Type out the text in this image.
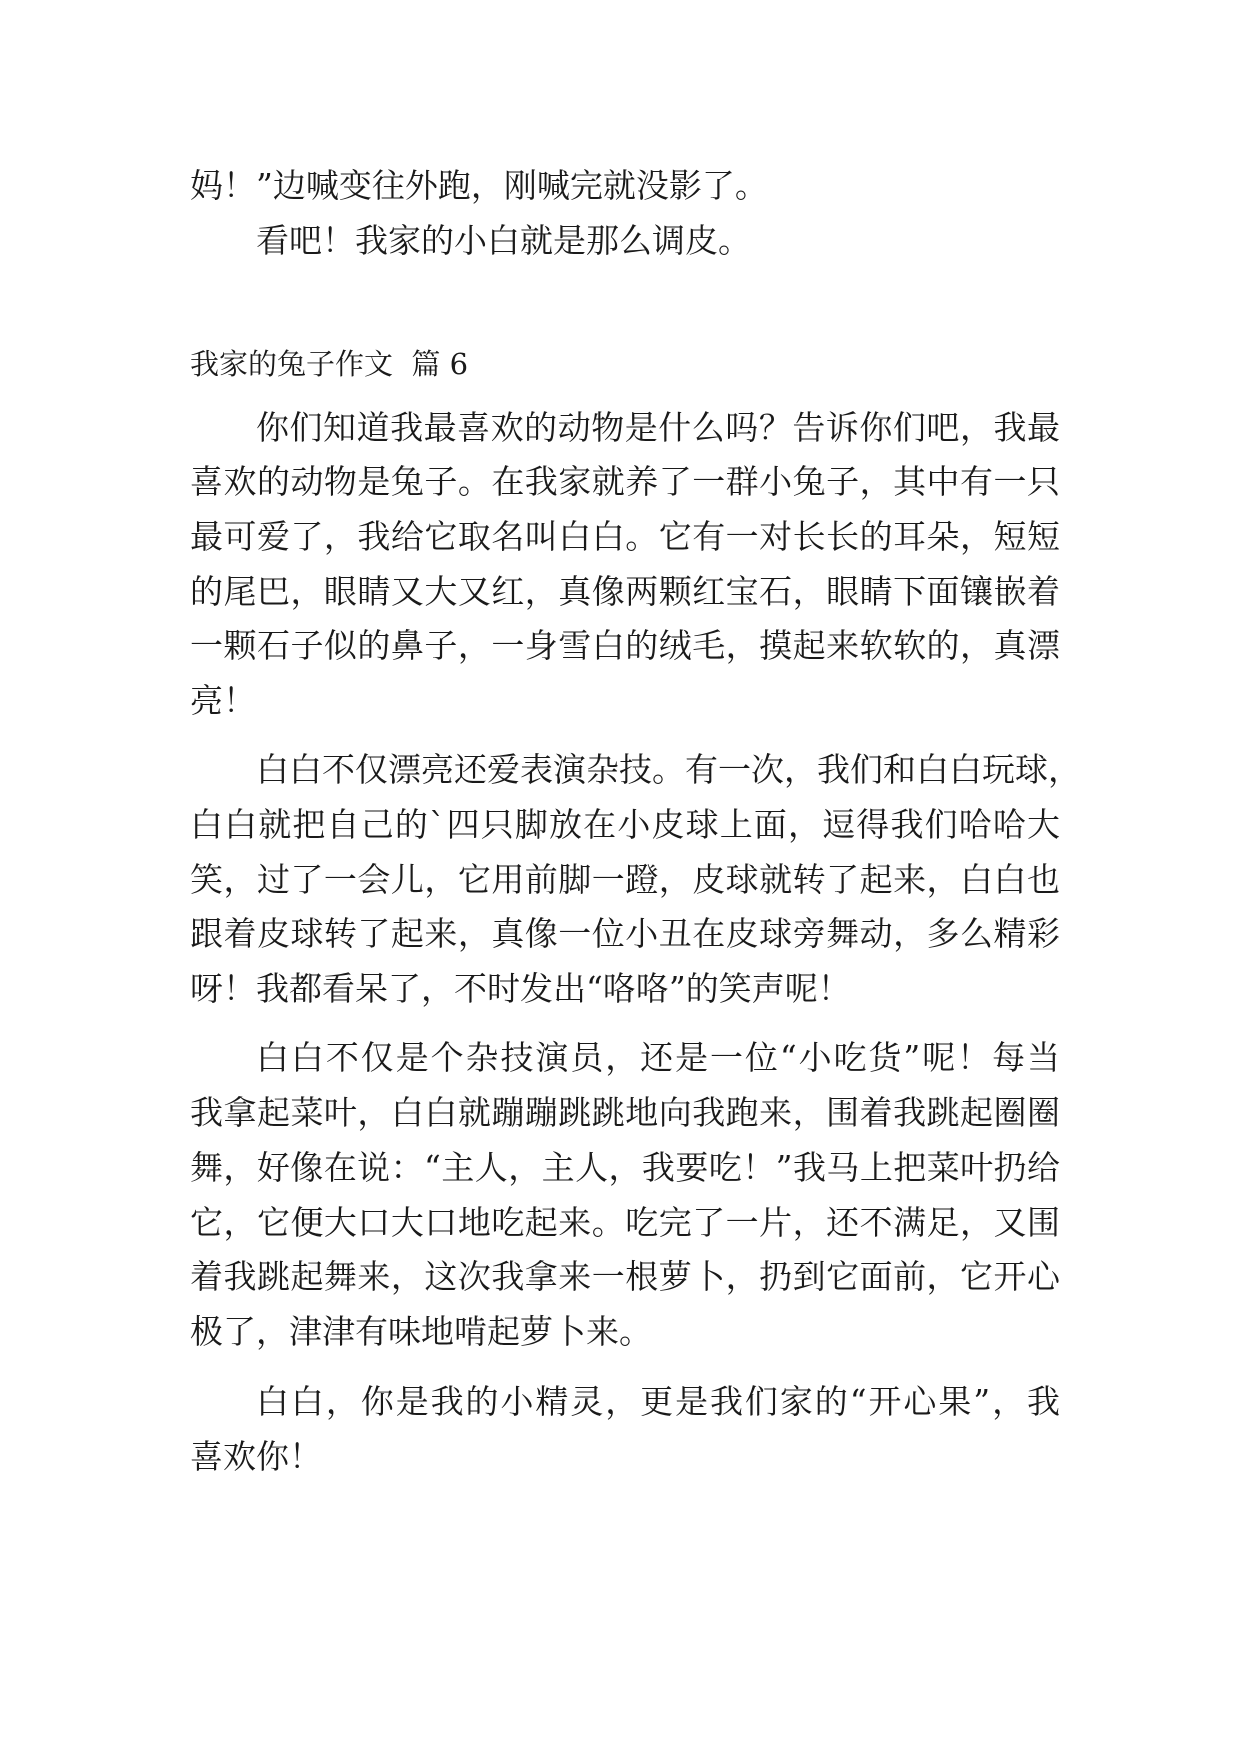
妈！”边喊变往外跑，刚喊完就没影了。
看吧！我家的小白就是那么调皮。
我家的兔子作文  篇 6
你们知道我最喜欢的动物是什么吗？告诉你们吧，我最
喜欢的动物是兔子。在我家就养了一群小兔子，其中有一只
最可爱了，我给它取名叫白白。它有一对长长的耳朵，短短
的尾巴，眼睛又大又红，真像两颗红宝石，眼睛下面镶嵌着
一颗石子似的鼻子，一身雪白的绒毛，摸起来软软的，真漂
亮！
白白不仅漂亮还爱表演杂技。有一次，我们和白白玩球，
白白就把自己的`四只脚放在小皮球上面，逗得我们哈哈大
笑，过了一会儿，它用前脚一蹬，皮球就转了起来，白白也
跟着皮球转了起来，真像一位小丑在皮球旁舞动，多么精彩
呀！我都看呆了，不时发出“咯咯”的笑声呢！
白白不仅是个杂技演员，还是一位“小吃货”呢！每当
我拿起菜叶，白白就蹦蹦跳跳地向我跑来，围着我跳起圈圈
舞，好像在说：“主人，主人，我要吃！”我马上把菜叶扔给
它，它便大口大口地吃起来。吃完了一片，还不满足，又围
着我跳起舞来，这次我拿来一根萝卜，扔到它面前，它开心
极了，津津有味地啃起萝卜来。
白白，你是我的小精灵，更是我们家的“开心果”，我
喜欢你！
